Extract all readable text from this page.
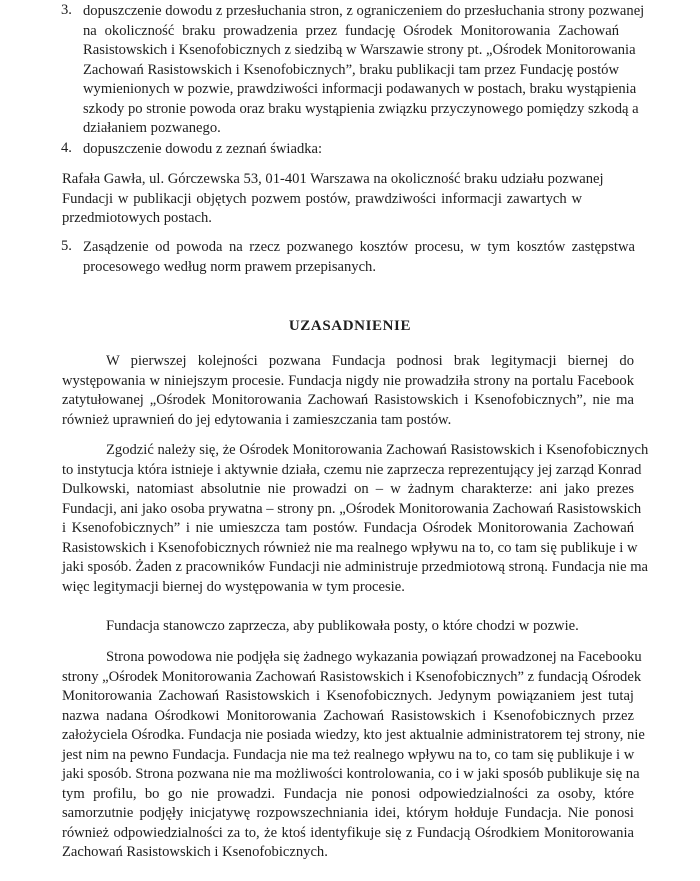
3. dopuszczenie dowodu z przesłuchania stron, z ograniczeniem do przesłuchania strony pozwanej
na okoliczność braku prowadzenia przez fundację Ośrodek Monitorowania Zachowań
Rasistowskich i Ksenofobicznych z siedzibą w Warszawie strony pt. „Ośrodek Monitorowania
Zachowań Rasistowskich i Ksenofobicznych”, braku publikacji tam przez Fundację postów
wymienionych w pozwie, prawdziwości informacji podawanych w postach, braku wystąpienia
szkody po stronie powoda oraz braku wystąpienia związku przyczynowego pomiędzy szkodą a
działaniem pozwanego.
4. dopuszczenie dowodu z zeznań świadka:
Rafała Gawła, ul. Górczewska 53, 01-401 Warszawa na okoliczność braku udziału pozwanej
Fundacji w publikacji objętych pozwem postów, prawdziwości informacji zawartych w
przedmiotowych postach.
5. Zasądzenie od powoda na rzecz pozwanego kosztów procesu, w tym kosztów zastępstwa
procesowego według norm prawem przepisanych.
UZASADNIENIE
W pierwszej kolejności pozwana Fundacja podnosi brak legitymacji biernej do
występowania w niniejszym procesie. Fundacja nigdy nie prowadziła strony na portalu Facebook
zatytułowanej „Ośrodek Monitorowania Zachowań Rasistowskich i Ksenofobicznych”, nie ma
również uprawnień do jej edytowania i zamieszczania tam postów.
Zgodzić należy się, że Ośrodek Monitorowania Zachowań Rasistowskich i Ksenofobicznych
to instytucja która istnieje i aktywnie działa, czemu nie zaprzecza reprezentujący jej zarząd Konrad
Dulkowski, natomiast absolutnie nie prowadzi on – w żadnym charakterze: ani jako prezes
Fundacji, ani jako osoba prywatna – strony pn. „Ośrodek Monitorowania Zachowań Rasistowskich
i Ksenofobicznych” i nie umieszcza tam postów. Fundacja Ośrodek Monitorowania Zachowań
Rasistowskich i Ksenofobicznych również nie ma realnego wpływu na to, co tam się publikuje i w
jaki sposób. Żaden z pracowników Fundacji nie administruje przedmiotową stroną. Fundacja nie ma
więc legitymacji biernej do występowania w tym procesie.
Fundacja stanowczo zaprzecza, aby publikowała posty, o które chodzi w pozwie.
Strona powodowa nie podjęła się żadnego wykazania powiązań prowadzonej na Facebooku
strony „Ośrodek Monitorowania Zachowań Rasistowskich i Ksenofobicznych” z fundacją Ośrodek
Monitorowania Zachowań Rasistowskich i Ksenofobicznych. Jedynym powiązaniem jest tutaj
nazwa nadana Ośrodkowi Monitorowania Zachowań Rasistowskich i Ksenofobicznych przez
założyciela Ośrodka. Fundacja nie posiada wiedzy, kto jest aktualnie administratorem tej strony, nie
jest nim na pewno Fundacja. Fundacja nie ma też realnego wpływu na to, co tam się publikuje i w
jaki sposób. Strona pozwana nie ma możliwości kontrolowania, co i w jaki sposób publikuje się na
tym profilu, bo go nie prowadzi. Fundacja nie ponosi odpowiedzialności za osoby, które
samorzutnie podjęły inicjatywę rozpowszechniania idei, którym hołduje Fundacja. Nie ponosi
również odpowiedzialności za to, że ktoś identyfikuje się z Fundacją Ośrodkiem Monitorowania
Zachowań Rasistowskich i Ksenofobicznych.
